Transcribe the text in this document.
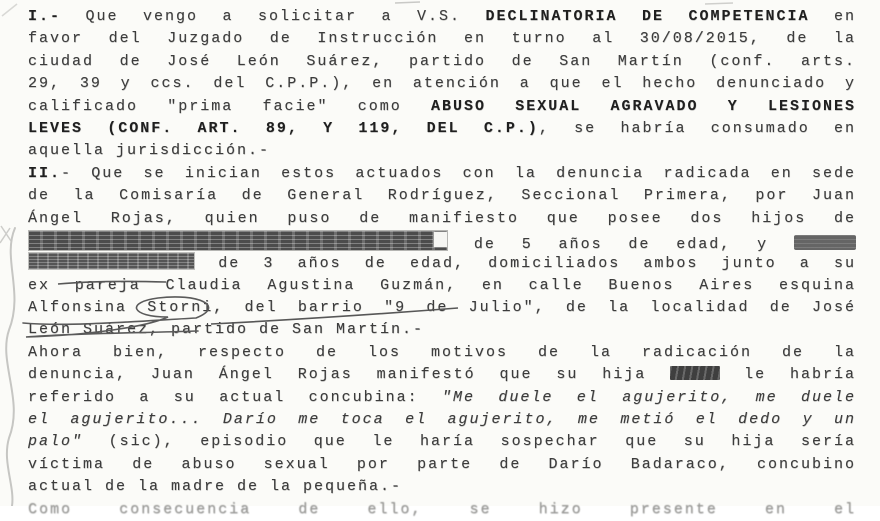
I.- Que vengo a solicitar a V.S. DECLINATORIA DE COMPETENCIA en
favor del Juzgado de Instrucción en turno al 30/08/2015, de la
ciudad de José León Suárez, partido de San Martín (conf. arts.
29, 39 y ccs. del C.P.P.), en atención a que el hecho denunciado y
calificado "prima facie" como ABUSO SEXUAL AGRAVADO Y LESIONES
LEVES (CONF. ART. 89, Y 119, DEL C.P.), se habría consumado en
aquella jurisdicción.-
II.- Que se inician estos actuados con la denuncia radicada en sede
de la Comisaría de General Rodríguez, Seccional Primera, por Juan
Ángel Rojas, quien puso de manifiesto que posee dos hijos de
de 5 años de edad, y
de 3 años de edad, domiciliados ambos junto a su
ex pareja Claudia Agustina Guzmán, en calle Buenos Aires esquina
Alfonsina Storni, del barrio "9 de Julio", de la localidad de José
León Suárez, partido de San Martín.-
Ahora bien, respecto de los motivos de la radicación de la
denuncia, Juan Ángel Rojas manifestó que su hija	le habría
referido a su actual concubina: "Me duele el agujerito, me duele
el agujerito... Darío me toca el agujerito, me metió el dedo y un
palo" (sic), episodio que le haría sospechar que su hija sería
víctima de abuso sexual por parte de Darío Badaraco, concubino
actual de la madre de la pequeña.-
Como consecuencia de ello, se hizo presente en el
